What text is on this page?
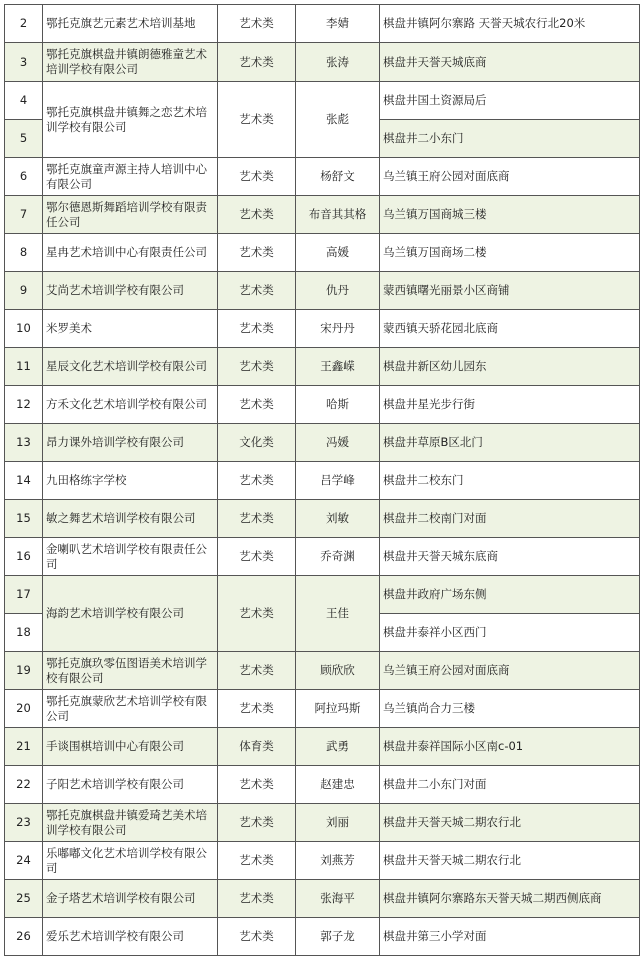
2	鄂托克旗艺元素艺术培训基地	艺术类	李婧	棋盘井镇阿尔寨路 天誉天城农行北20米
3	鄂托克旗棋盘井镇朗德雅童艺术培训学校有限公司	艺术类	张涛	棋盘井天誉天城底商
4	鄂托克旗棋盘井镇舞之恋艺术培训学校有限公司	艺术类	张彪	棋盘井国土资源局后
5				棋盘井二小东门
6	鄂托克旗童声源主持人培训中心有限公司	艺术类	杨舒文	乌兰镇王府公园对面底商
7	鄂尔德恩斯舞蹈培训学校有限责任公司	艺术类	布音其其格	乌兰镇万国商城三楼
8	星冉艺术培训中心有限责任公司	艺术类	高媛	乌兰镇万国商场二楼
9	艾尚艺术培训学校有限公司	艺术类	仇丹	蒙西镇曙光丽景小区商铺
10	米罗美术	艺术类	宋丹丹	蒙西镇天骄花园北底商
11	星辰文化艺术培训学校有限公司	艺术类	王鑫嵘	棋盘井新区幼儿园东
12	方禾文化艺术培训学校有限公司	艺术类	哈斯	棋盘井星光步行街
13	昂力课外培训学校有限公司	文化类	冯媛	棋盘井草原B区北门
14	九田格练字学校	艺术类	吕学峰	棋盘井二校东门
15	敏之舞艺术培训学校有限公司	艺术类	刘敏	棋盘井二校南门对面
16	金喇叭艺术培训学校有限责任公司	艺术类	乔奇渊	棋盘井天誉天城东底商
17	海韵艺术培训学校有限公司	艺术类	王佳	棋盘井政府广场东侧
18				棋盘井泰祥小区西门
19	鄂托克旗玖零伍图语美术培训学校有限公司	艺术类	顾欣欣	乌兰镇王府公园对面底商
20	鄂托克旗蒙欣艺术培训学校有限公司	艺术类	阿拉玛斯	乌兰镇尚合力三楼
21	手谈围棋培训中心有限公司	体育类	武勇	棋盘井泰祥国际小区南c-01
22	子阳艺术培训学校有限公司	艺术类	赵建忠	棋盘井二小东门对面
23	鄂托克旗棋盘井镇爱琦艺美术培训学校有限公司	艺术类	刘丽	棋盘井天誉天城二期农行北
24	乐嘟嘟文化艺术培训学校有限公司	艺术类	刘燕芳	棋盘井天誉天城二期农行北
25	金子塔艺术培训学校有限公司	艺术类	张海平	棋盘井镇阿尔寨路东天誉天城二期西侧底商
26	爱乐艺术培训学校有限公司	艺术类	郭子龙	棋盘井第三小学对面
